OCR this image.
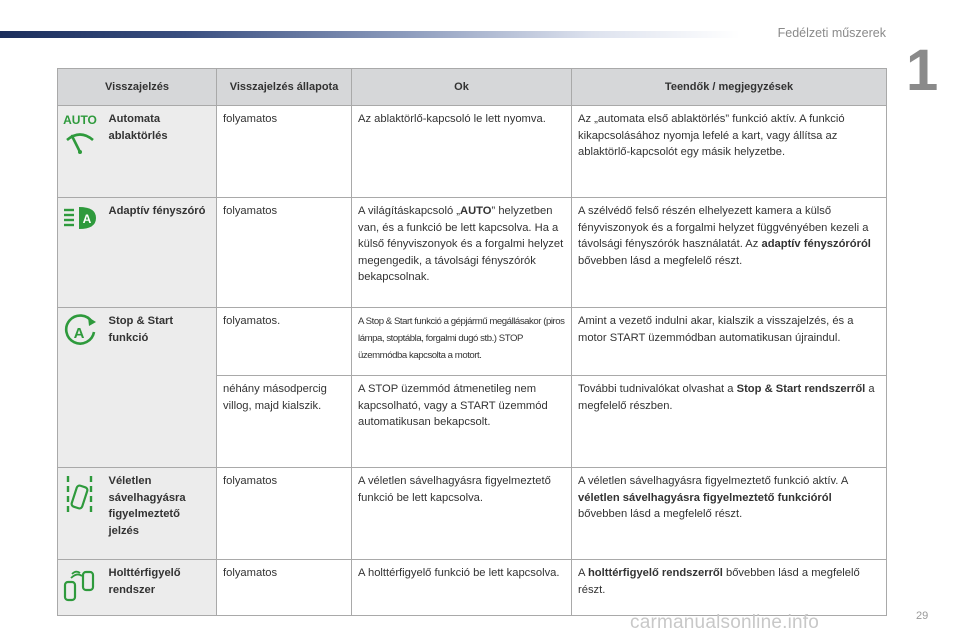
Fedélzeti műszerek
1
Visszajelzés		Visszajelzés állapota	Ok	Teendők / megjegyzések

AUTO	Automata ablaktörlés	folyamatos	Az ablaktörlő-kapcsoló le lett nyomva.	Az „automata első ablaktörlés” funkció aktív. A funkció kikapcsolásához nyomja lefelé a kart, vagy állítsa az ablaktörlő-kapcsolót egy másik helyzetbe.

A	Adaptív fényszóró	folyamatos	A világításkapcsoló „AUTO” helyzetben van, és a funkció be lett kapcsolva. Ha a külső fényviszonyok és a forgalmi helyzet megengedik, a távolsági fényszórók bekapcsolnak.	A szélvédő felső részén elhelyezett kamera a külső fényviszonyok és a forgalmi helyzet függvényében kezeli a távolsági fényszórók használatát. Az adaptív fényszóróról bővebben lásd a megfelelő részt.

A	Stop & Start funkció	folyamatos.	A Stop & Start funkció a gépjármű megállásakor (piros lámpa, stoptábla, forgalmi dugó stb.) STOP üzemmódba kapcsolta a motort.	Amint a vezető indulni akar, kialszik a visszajelzés, és a motor START üzemmódban automatikusan újraindul.
		néhány másodpercig villog, majd kialszik.	A STOP üzemmód átmenetileg nem kapcsolható, vagy a START üzemmód automatikusan bekapcsolt.	További tudnivalókat olvashat a Stop & Start rendszerről a megfelelő részben.
	Véletlen sávelhagyásra figyelmeztető jelzés	folyamatos	A véletlen sávelhagyásra figyelmeztető funkció be lett kapcsolva.	A véletlen sávelhagyásra figyelmeztető funkció aktív. A véletlen sávelhagyásra figyelmeztető funkcióról bővebben lásd a megfelelő részt.
	Holttérfigyelő rendszer	folyamatos	A holttérfigyelő funkció be lett kapcsolva.	A holttérfigyelő rendszerről bővebben lásd a megfelelő részt.
carmanualsonline.info	29
